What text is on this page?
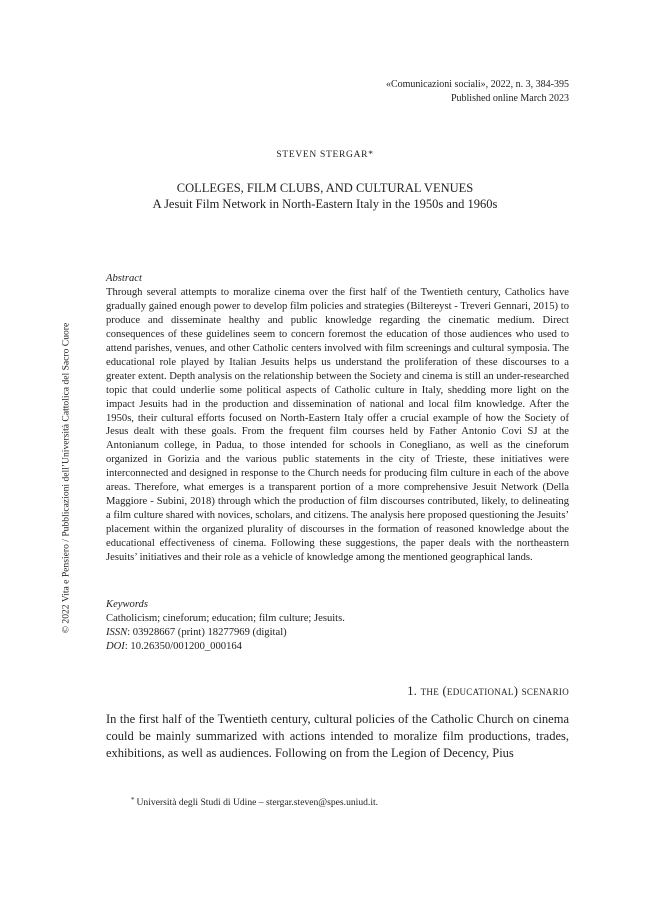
«Comunicazioni sociali», 2022, n. 3, 384-395
Published online March 2023
STEVEN STERGAR*
COLLEGES, FILM CLUBS, AND CULTURAL VENUES
A Jesuit Film Network in North-Eastern Italy in the 1950s and 1960s
Abstract
Through several attempts to moralize cinema over the first half of the Twentieth century, Catholics have gradually gained enough power to develop film policies and strategies (Biltereyst - Treveri Gennari, 2015) to produce and disseminate healthy and public knowledge regarding the cinematic medium. Direct consequences of these guidelines seem to concern foremost the education of those audiences who used to attend parishes, venues, and other Catholic centers involved with film screenings and cultural symposia. The educational role played by Italian Jesuits helps us understand the proliferation of these discourses to a greater extent. Depth analysis on the relationship between the Society and cinema is still an under-researched topic that could underlie some political aspects of Catholic culture in Italy, shedding more light on the impact Jesuits had in the production and dissemination of national and local film knowledge. After the 1950s, their cultural efforts focused on North-Eastern Italy offer a crucial example of how the Society of Jesus dealt with these goals. From the frequent film courses held by Father Antonio Covi SJ at the Antonianum college, in Padua, to those intended for schools in Conegliano, as well as the cineforum organized in Gorizia and the various public statements in the city of Trieste, these initiatives were interconnected and designed in response to the Church needs for producing film culture in each of the above areas. Therefore, what emerges is a transparent portion of a more comprehensive Jesuit Network (Della Maggiore - Subini, 2018) through which the production of film discourses contributed, likely, to delineating a film culture shared with novices, scholars, and citizens. The analysis here proposed questioning the Jesuits’ placement within the organized plurality of discourses in the formation of reasoned knowledge about the educational effectiveness of cinema. Following these suggestions, the paper deals with the northeastern Jesuits’ initiatives and their role as a vehicle of knowledge among the mentioned geographical lands.
Keywords
Catholicism; cineforum; education; film culture; Jesuits.
ISSN: 03928667 (print) 18277969 (digital)
DOI: 10.26350/001200_000164
1. the (educational) scenario
In the first half of the Twentieth century, cultural policies of the Catholic Church on cinema could be mainly summarized with actions intended to moralize film productions, trades, exhibitions, as well as audiences. Following on from the Legion of Decency, Pius
* Università degli Studi di Udine – stergar.steven@spes.uniud.it.
© 2022 Vita e Pensiero / Pubblicazioni dell’Università Cattolica del Sacro Cuore
